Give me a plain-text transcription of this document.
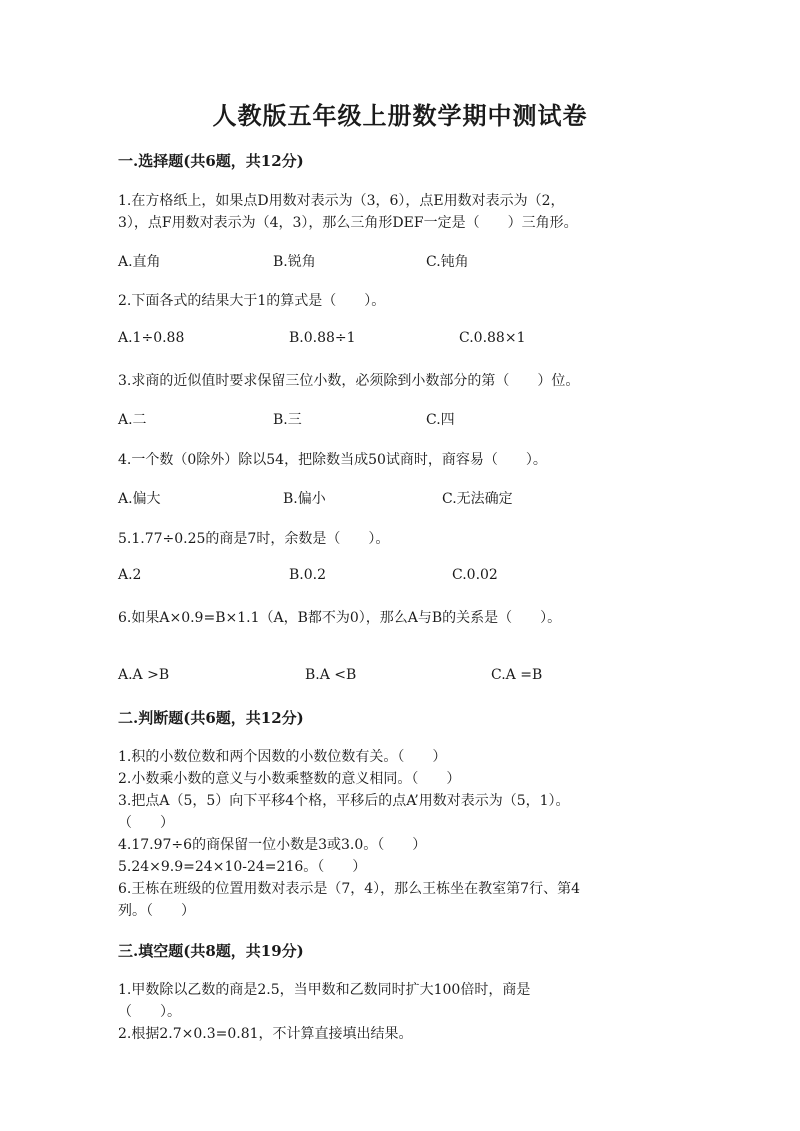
人教版五年级上册数学期中测试卷
一.选择题(共6题，共12分)
1.在方格纸上，如果点D用数对表示为（3，6），点E用数对表示为（2，
3），点F用数对表示为（4，3），那么三角形DEF一定是（　　）三角形。
A.直角	B.锐角	C.钝角
2.下面各式的结果大于1的算式是（　　）。
A.1÷0.88	B.0.88÷1	C.0.88×1
3.求商的近似值时要求保留三位小数，必须除到小数部分的第（　　）位。
A.二	B.三	C.四
4.一个数（0除外）除以54，把除数当成50试商时，商容易（　　）。
A.偏大	B.偏小	C.无法确定
5.1.77÷0.25的商是7时，余数是（　　）。
A.2	B.0.2	C.0.02
6.如果A×0.9=B×1.1（A，B都不为0），那么A与B的关系是（　　）。
A.A >B	B.A <B	C.A =B
二.判断题(共6题，共12分)
1.积的小数位数和两个因数的小数位数有关。（　　）
2.小数乘小数的意义与小数乘整数的意义相同。（　　）
3.把点A（5，5）向下平移4个格，平移后的点A’用数对表示为（5，1）。
（　　）
4.17.97÷6的商保留一位小数是3或3.0。（　　）
5.24×9.9=24×10-24=216。（　　）
6.王栋在班级的位置用数对表示是（7，4），那么王栋坐在教室第7行、第4
列。（　　）
三.填空题(共8题，共19分)
1.甲数除以乙数的商是2.5，当甲数和乙数同时扩大100倍时，商是
（　　）。
2.根据2.7×0.3=0.81，不计算直接填出结果。
